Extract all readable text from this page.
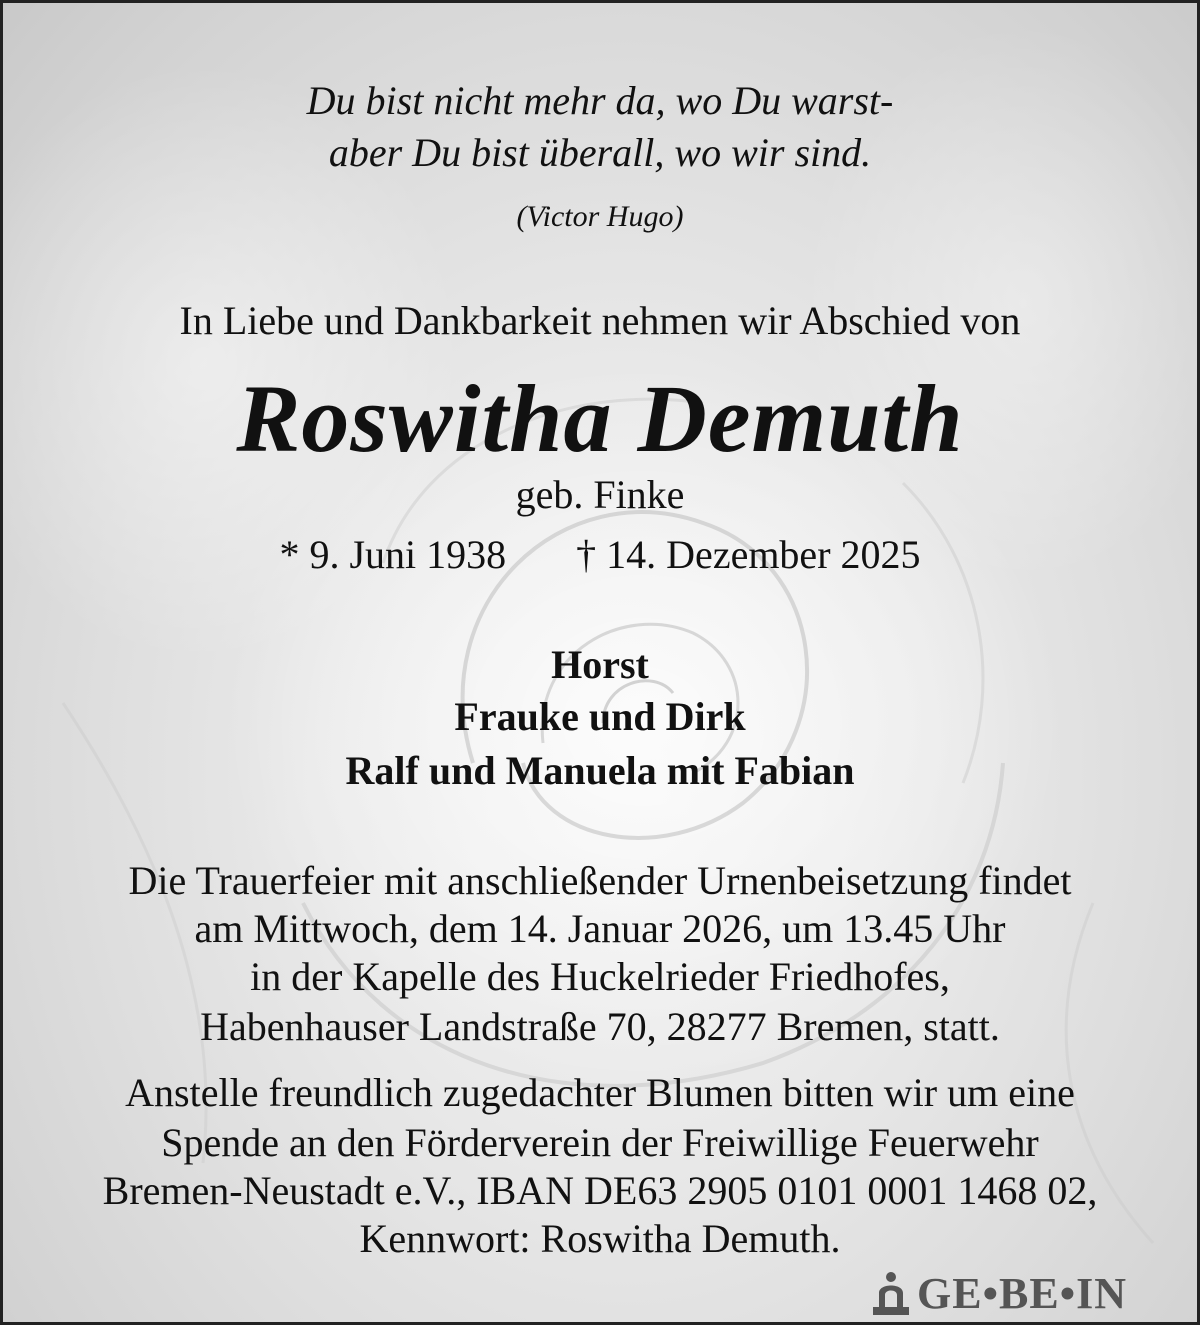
Du bist nicht mehr da, wo Du warst-
aber Du bist überall, wo wir sind.
(Victor Hugo)
In Liebe und Dankbarkeit nehmen wir Abschied von
Roswitha Demuth
geb. Finke
* 9. Juni 1938 † 14. Dezember 2025
Horst
Frauke und Dirk
Ralf und Manuela mit Fabian
Die Trauerfeier mit anschließender Urnenbeisetzung findet
am Mittwoch, dem 14. Januar 2026, um 13.45 Uhr
in der Kapelle des Huckelrieder Friedhofes,
Habenhauser Landstraße 70, 28277 Bremen, statt.
Anstelle freundlich zugedachter Blumen bitten wir um eine
Spende an den Förderverein der Freiwillige Feuerwehr
Bremen-Neustadt e.V., IBAN DE63 2905 0101 0001 1468 02,
Kennwort: Roswitha Demuth.
GE•BE•IN
